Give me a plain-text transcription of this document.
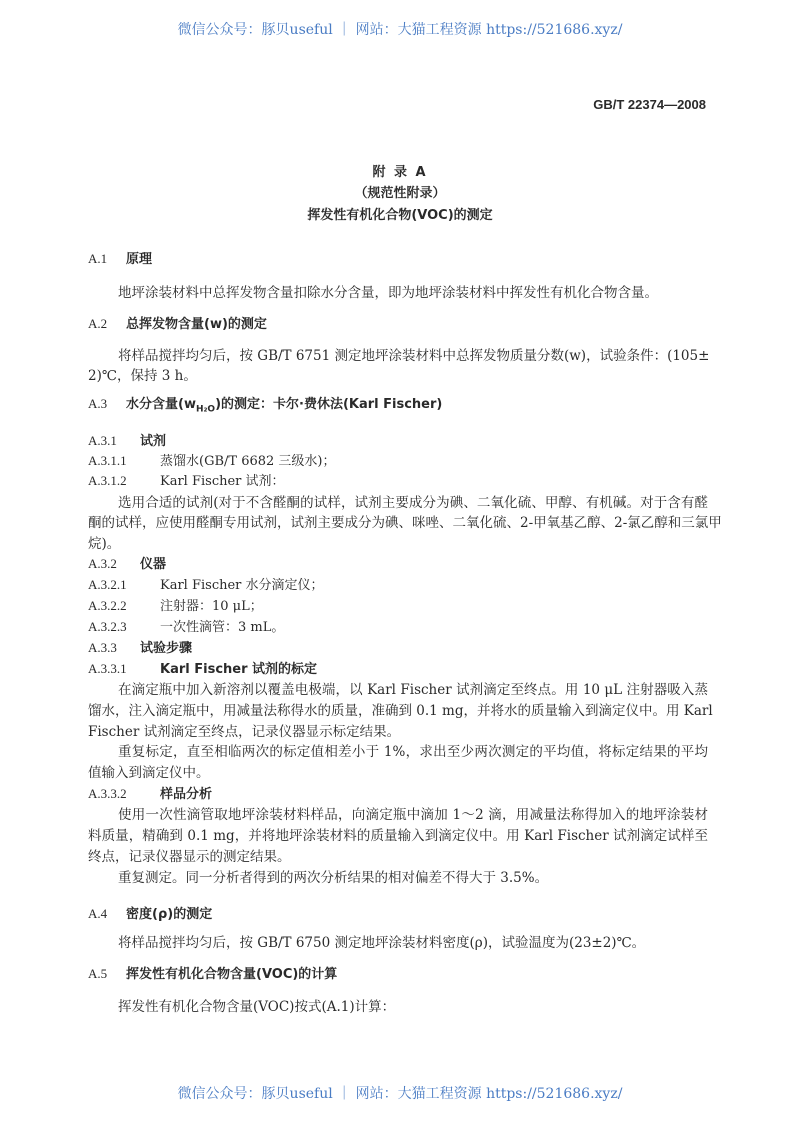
微信公众号：豚贝useful ｜ 网站：大猫工程资源 https://521686.xyz/
GB/T 22374—2008
附 录 A
（规范性附录）
挥发性有机化合物(VOC)的测定
A.1 原理
地坪涂装材料中总挥发物含量扣除水分含量，即为地坪涂装材料中挥发性有机化合物含量。
A.2 总挥发物含量(w)的测定
将样品搅拌均匀后，按 GB/T 6751 测定地坪涂装材料中总挥发物质量分数(w)，试验条件：(105±
2)℃，保持 3 h。
A.3 水分含量$(w_{H_2O})$的测定：卡尔·费休法(Karl Fischer)
A.3.1 试剂
A.3.1.1	蒸馏水(GB/T 6682 三级水)；
A.3.1.2	Karl Fischer 试剂：
选用合适的试剂(对于不含醛酮的试样，试剂主要成分为碘、二氧化硫、甲醇、有机碱。对于含有醛
酮的试样，应使用醛酮专用试剂，试剂主要成分为碘、咪唑、二氧化硫、2-甲氧基乙醇、2-氯乙醇和三氯甲
烷)。
A.3.2 仪器
A.3.2.1	Karl Fischer 水分滴定仪；
A.3.2.2	注射器：10 μL；
A.3.2.3	一次性滴管：3 mL。
A.3.3 试验步骤
A.3.3.1	Karl Fischer 试剂的标定
在滴定瓶中加入新溶剂以覆盖电极端，以 Karl Fischer 试剂滴定至终点。用 10 μL 注射器吸入蒸
馏水，注入滴定瓶中，用减量法称得水的质量，准确到 0.1 mg，并将水的质量输入到滴定仪中。用 Karl
Fischer 试剂滴定至终点，记录仪器显示标定结果。
重复标定，直至相临两次的标定值相差小于 1%，求出至少两次测定的平均值，将标定结果的平均
值输入到滴定仪中。
A.3.3.2	样品分析
使用一次性滴管取地坪涂装材料样品，向滴定瓶中滴加 1～2 滴，用减量法称得加入的地坪涂装材
料质量，精确到 0.1 mg，并将地坪涂装材料的质量输入到滴定仪中。用 Karl Fischer 试剂滴定试样至
终点，记录仪器显示的测定结果。
重复测定。同一分析者得到的两次分析结果的相对偏差不得大于 3.5%。
A.4 密度(ρ)的测定
将样品搅拌均匀后，按 GB/T 6750 测定地坪涂装材料密度(ρ)，试验温度为(23±2)℃。
A.5 挥发性有机化合物含量(VOC)的计算
挥发性有机化合物含量(VOC)按式(A.1)计算：
微信公众号：豚贝useful ｜ 网站：大猫工程资源 https://521686.xyz/
